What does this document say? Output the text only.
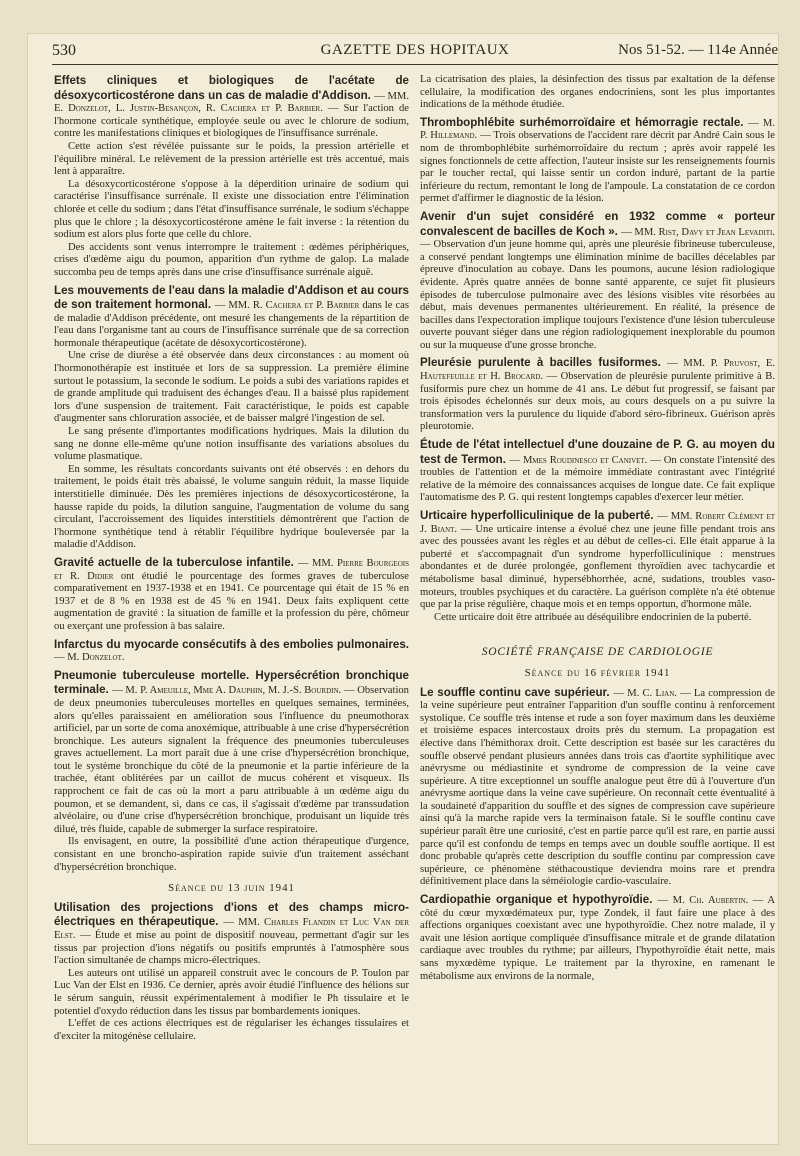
530	GAZETTE DES HOPITAUX	Nos 51-52. — 114e Année

Effets cliniques et biologiques de l'acétate de désoxycorticostérone dans un cas de maladie d'Addison. — MM. E. Donzelot, L. Justin-Besançon, R. Cachera et P. Barbier. — Sur l'action de l'hormone corticale synthétique, employée seule ou avec le chlorure de sodium, contre les manifestations cliniques et biologiques de l'insuffisance surrénale.

Cette action s'est révélée puissante sur le poids, la pression artérielle et l'équilibre minéral. Le relèvement de la pression artérielle est très accentué, mais lent à apparaître.

La désoxycorticostérone s'oppose à la déperdition urinaire de sodium qui caractérise l'insuffisance surrénale. Il existe une dissociation entre l'élimination chlorée et celle du sodium ; dans l'état d'insuffisance surrénale, le sodium s'échappe plus que le chlore ; la désoxycorticostérone amène le fait inverse : la rétention du sodium est alors plus forte que celle du chlore.

Des accidents sont venus interrompre le traitement : œdèmes périphériques, crises d'œdème aigu du poumon, apparition d'un rythme de galop. La malade succomba peu de temps après dans une crise d'insuffisance surrénale aiguë.

Les mouvements de l'eau dans la maladie d'Addison et au cours de son traitement hormonal. — MM. R. Cachera et P. Barbier dans le cas de maladie d'Addison précédente, ont mesuré les changements de la répartition de l'eau dans l'organisme tant au cours de l'insuffisance surrénale que de sa correction hormonale thérapeutique (acétate de désoxycorticostérone).

Une crise de diurèse a été observée dans deux circonstances : au moment où l'hormonothérapie est instituée et lors de sa suppression. La première élimine surtout le potassium, la seconde le sodium. Le poids a subi des variations rapides et de grande amplitude qui traduisent des échanges d'eau. Il a baissé plus rapidement lors d'une suspension de traitement. Fait caractéristique, le poids est capable d'augmenter sans chloruration associée, et de baisser malgré l'ingestion de sel.

Le sang présente d'importantes modifications hydriques. Mais la dilution du sang ne donne elle-même qu'une notion insuffisante des variations absolues du volume plasmatique.

En somme, les résultats concordants suivants ont été observés : en dehors du traitement, le poids était très abaissé, le volume sanguin réduit, la masse liquide interstitielle diminuée. Dès les premières injections de désoxycorticostérone, la hausse rapide du poids, la dilution sanguine, l'augmentation de volume du sang circulant, l'accroissement des liquides interstitiels démontrèrent que l'action de l'hormone synthétique tend à rétablir l'équilibre hydrique bouleversée par la maladie d'Addison.

Gravité actuelle de la tuberculose infantile. — MM. Pierre Bourgeois et R. Didier ont étudié le pourcentage des formes graves de tuberculose comparativement en 1937-1938 et en 1941. Ce pourcentage qui était de 15 % en 1937 et de 8 % en 1938 est de 45 % en 1941. Deux faits expliquent cette augmentation de gravité : la situation de famille et la profession du père, chômeur ou exerçant une profession à bas salaire.

Infarctus du myocarde consécutifs à des embolies pulmonaires. — M. Donzelot.

Pneumonie tuberculeuse mortelle. Hypersécrétion bronchique terminale. — M. P. Ameuille, Mme A. Dauphin, M. J.-S. Bourdin. — Observation de deux pneumonies tuberculeuses mortelles en quelques semaines, terminées, alors qu'elles paraissaient en amélioration sous l'influence du pneumothorax artificiel, par un sorte de coma anoxémique, attribuable à une crise d'hypersécrétion bronchique. Les auteurs signalent la fréquence des pneumonies tuberculeuses graves actuellement. La mort paraît due à une crise d'hypersécrétion bronchique, tout le système bronchique du côté de la pneumonie et la partie inférieure de la trachée, étant oblitérées par un caillot de mucus cohérent et visqueux. Ils rapprochent ce fait de cas où la mort a paru attribuable à un œdème aigu du poumon, et se demandent, si, dans ce cas, il s'agissait d'œdème par transsudation alvéolaire, ou d'une crise d'hypersécrétion bronchique, produisant un liquide très dilué, très fluide, capable de submerger la surface respiratoire.

Ils envisagent, en outre, la possibilité d'une action thérapeutique d'urgence, consistant en une broncho-aspiration rapide suivie d'un traitement asséchant d'hypersécrétion bronchique.

Séance du 13 juin 1941

Utilisation des projections d'ions et des champs micro-électriques en thérapeutique. — MM. Charles Flandin et Luc Van der Elst. — Étude et mise au point de dispositif nouveau, permettant d'agir sur les tissus par projection d'ions négatifs ou positifs empruntés à l'atmosphère sous l'action simultanée de champs micro-électriques.

Les auteurs ont utilisé un appareil construit avec le concours de P. Toulon par Luc Van der Elst en 1936. Ce dernier, après avoir étudié l'influence des hélions sur le sérum sanguin, réussit expérimentalement à modifier le Ph tissulaire et le potentiel d'oxydo réduction dans les tissus par bombardements ioniques.

L'effet de ces actions électriques est de régulariser les échanges tissulaires et d'exciter la mitogénèse cellulaire.

La cicatrisation des plaies, la désinfection des tissus par exaltation de la défense cellulaire, la modification des organes endocriniens, sont les plus importantes indications de la méthode étudiée.

Thrombophlébite surhémorroïdaire et hémorragie rectale. — M. P. Hillemand. — Trois observations de l'accident rare décrit par André Cain sous le nom de thrombophlébite surhémorroïdaire du rectum ; après avoir rappelé les signes fonctionnels de cette affection, l'auteur insiste sur les renseignements fournis par le toucher rectal, qui laisse sentir un cordon induré, partant de la partie inférieure du rectum, remontant le long de l'ampoule. La constatation de ce cordon permet d'affirmer le diagnostic de la lésion.

Avenir d'un sujet considéré en 1932 comme « porteur convalescent de bacilles de Koch ». — MM. Rist, Davy et Jean Levaditi. — Observation d'un jeune homme qui, après une pleurésie fibrineuse tuberculeuse, a conservé pendant longtemps une élimination minime de bacilles décelables par épreuve d'inoculation au cobaye. Dans les poumons, aucune lésion radiologique évidente. Après quatre années de bonne santé apparente, ce sujet fit plusieurs épisodes de tuberculose pulmonaire avec des lésions visibles vite résorbées au début, mais devenues permanentes ultérieurement. En réalité, la présence de bacilles dans l'expectoration implique toujours l'existence d'une lésion tuberculeuse ouverte pouvant siéger dans une région radiologiquement inexplorable du poumon ou sur la muqueuse d'une grosse bronche.

Pleurésie purulente à bacilles fusiformes. — MM. P. Pruvost, E. Hautefeuille et H. Brocard. — Observation de pleurésie purulente primitive à B. fusiformis pure chez un homme de 41 ans. Le début fut progressif, se faisant par trois épisodes échelonnés sur deux mois, au cours desquels on a pu suivre la transformation vers la purulence du liquide d'abord séro-fibrineux. Guérison après pleurotomie.

Étude de l'état intellectuel d'une douzaine de P. G. au moyen du test de Termon. — Mmes Roudinesco et Canivet. — On constate l'intensité des troubles de l'attention et de la mémoire immédiate contrastant avec l'intégrité relative de la mémoire des connaissances acquises de longue date. Ce fait explique l'automatisme des P. G. qui restent longtemps capables d'exercer leur métier.

Urticaire hyperfolliculinique de la puberté. — MM. Robert Clément et J. Biant. — Une urticaire intense a évolué chez une jeune fille pendant trois ans avec des poussées avant les règles et au début de celles-ci. Elle était apparue à la puberté et s'accompagnait d'un syndrome hyperfolliculinique : menstrues abondantes et de durée prolongée, gonflement thyroïdien avec tachycardie et métabolisme basal diminué, hypersébhorrhée, acné, sudations, troubles vaso-moteurs, troubles psychiques et du caractère. La guérison complète n'a été obtenue que par la prise régulière, chaque mois et en temps opportun, d'hormone mâle.

Cette urticaire doit être attribuée au déséquilibre endocrinien de la puberté.

SOCIÉTÉ FRANÇAISE DE CARDIOLOGIE
Séance du 16 février 1941

Le souffle continu cave supérieur. — M. C. Lian. — La compression de la veine supérieure peut entraîner l'apparition d'un souffle continu à renforcement systolique. Ce souffle très intense et rude a son foyer maximum dans les deuxième et troisième espaces intercostaux droits près du sternum. La propagation est élective dans l'hémithorax droit. Cette description est basée sur les caractères du souffle observé pendant plusieurs années dans trois cas d'aortite syphilitique avec anévrysme ou médiastinite et syndrome de compression de la veine cave supérieure. A titre exceptionnel un souffle analogue peut être dû à l'ouverture d'un anévrysme aortique dans la veine cave supérieure. On reconnaît cette éventualité à la soudaineté d'apparition du souffle et des signes de compression cave supérieure ainsi qu'à la marche rapide vers la terminaison fatale. Si le souffle continu cave supérieur paraît être une curiosité, c'est en partie parce qu'il est rare, en partie aussi parce qu'il est confondu de temps en temps avec un double souffle aortique. Il est donc probable qu'après cette description du souffle continu par compression cave supérieure, ce phénomène stéthacoustique deviendra moins rare et prendra définitivement place dans la séméiologie cardio-vasculaire.

Cardiopathie organique et hypothyroïdie. — M. Ch. Aubertin. — A côté du cœur myxœdémateux pur, type Zondek, il faut faire une place à des affections organiques coexistant avec une hypothyroïdie. Chez notre malade, il y avait une lésion aortique compliquée d'insuffisance mitrale et de grande dilatation cardiaque avec troubles du rythme; par ailleurs, l'hypothyroïdie était nette, mais sans myxœdème typique. Le traitement par la thyroxine, en ramenant le métabolisme aux environs de la normale,
